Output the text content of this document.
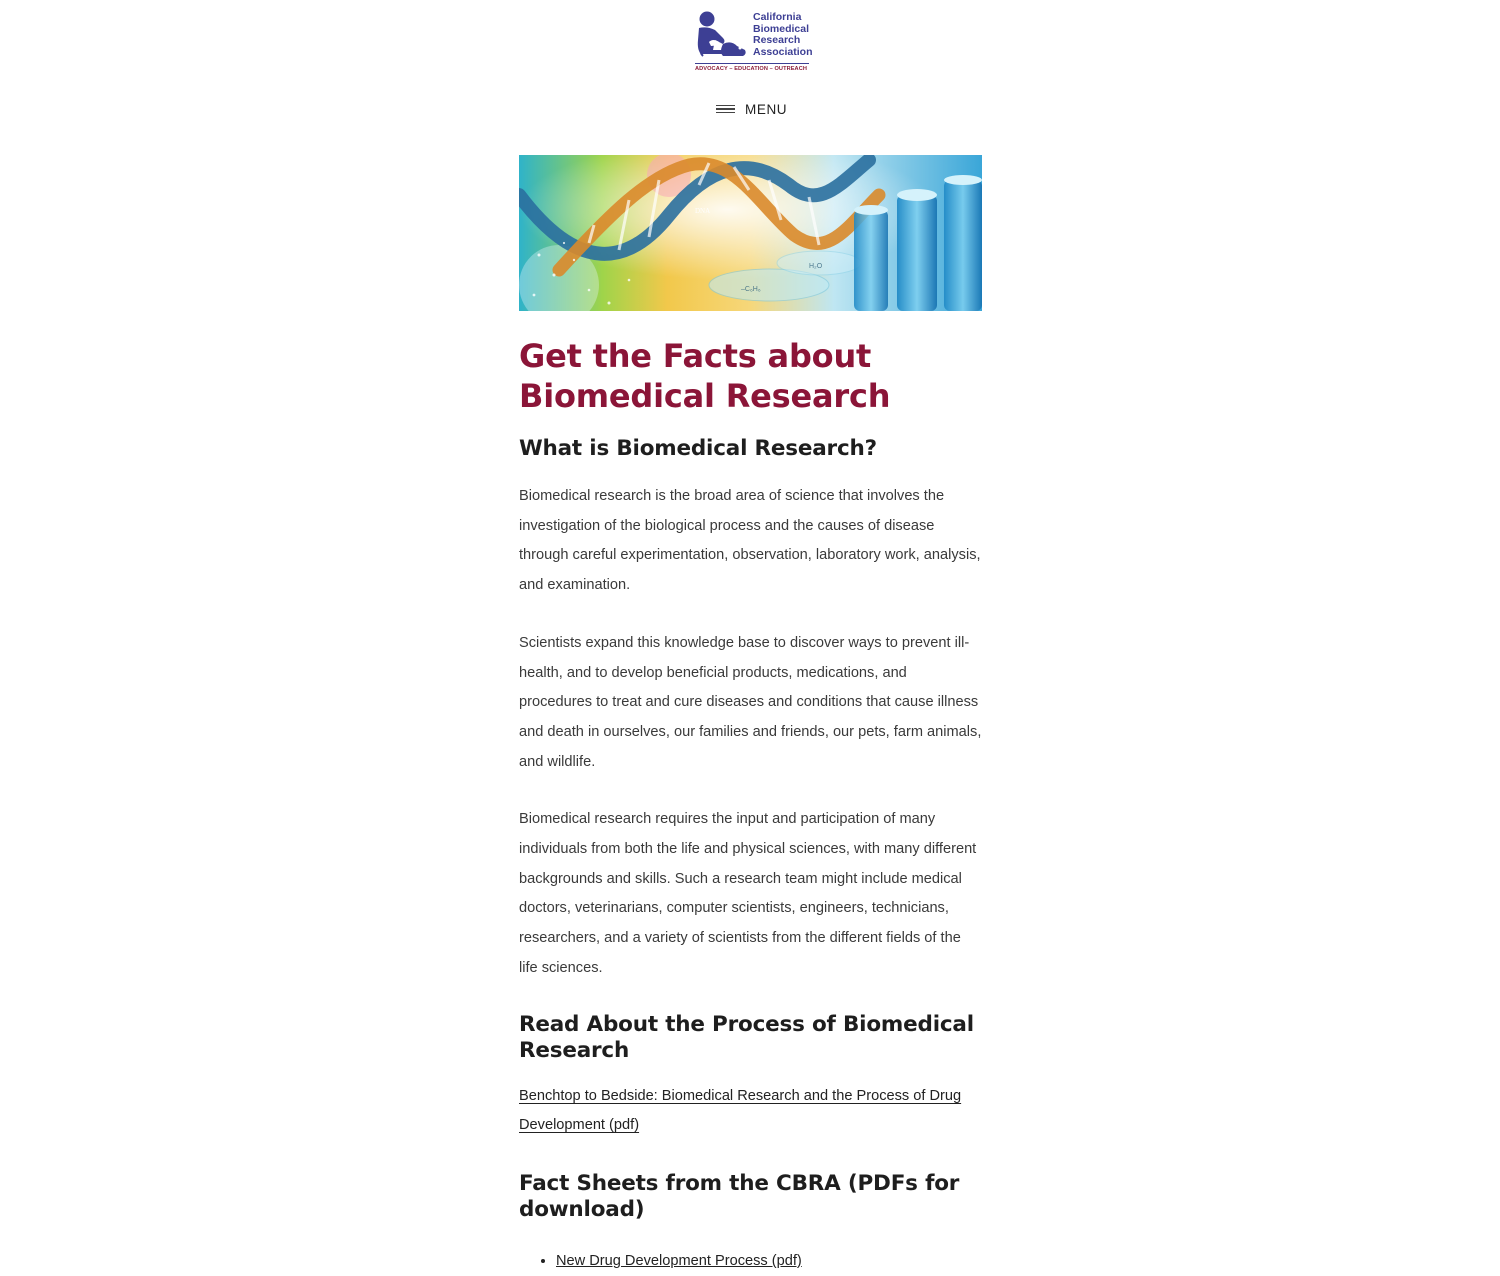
California
Biomedical
Research
Association
ADVOCACY – EDUCATION – OUTREACH
MENU
DNA
H₂O
–C₆H₆
Get the Facts about Biomedical Research
What is Biomedical Research?

Biomedical research is the broad area of science that involves the investigation of the biological process and the causes of disease through careful experimentation, observation, laboratory work, analysis, and examination.

Scientists expand this knowledge base to discover ways to prevent ill-health, and to develop beneficial products, medications, and procedures to treat and cure diseases and conditions that cause illness and death in ourselves, our families and friends, our pets, farm animals, and wildlife.

Biomedical research requires the input and participation of many individuals from both the life and physical sciences, with many different backgrounds and skills. Such a research team might include medical doctors, veterinarians, computer scientists, engineers, technicians, researchers, and a variety of scientists from the different fields of the life sciences.

Read About the Process of Biomedical Research
Benchtop to Bedside: Biomedical Research and the Process of Drug Development (pdf)
Fact Sheets from the CBRA (PDFs for download)
• New Drug Development Process (pdf)
